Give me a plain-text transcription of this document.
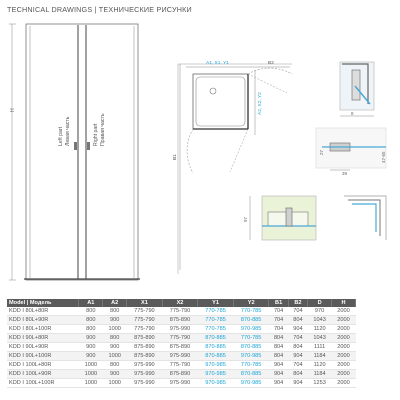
TECHNICAL DRAWINGS | ТЕХНИЧЕСКИЕ РИСУНКИ
H
Left part Левая часть	Right part Правая часть
A1, X1, Y1	B2
A2, X2, Y2
B1
8
27
39
47-65
97
Model | Модель	A1	A2	X1	X2	Y1	Y2	B1	B2	D	H
KDD I 80L+80R	800	800	775-790	775-790	770-785	770-785	704	704	970	2000
KDD I 80L+90R	800	900	775-790	875-890	770-785	870-885	704	804	1043	2000
KDD I 80L+100R	800	1000	775-790	975-990	770-785	970-985	704	904	1120	2000
KDD I 90L+80R	900	800	875-890	775-790	870-885	770-785	804	704	1043	2000
KDD I 90L+90R	900	900	875-890	875-890	870-885	870-885	804	804	1111	2000
KDD I 90L+100R	900	1000	875-890	975-990	870-885	970-985	804	904	1184	2000
KDD I 100L+80R	1000	800	975-990	775-790	970-985	770-785	904	704	1120	2000
KDD I 100L+90R	1000	900	975-990	875-890	970-985	870-885	904	804	1184	2000
KDD I 100L+100R	1000	1000	975-990	975-990	970-985	970-985	904	904	1253	2000
